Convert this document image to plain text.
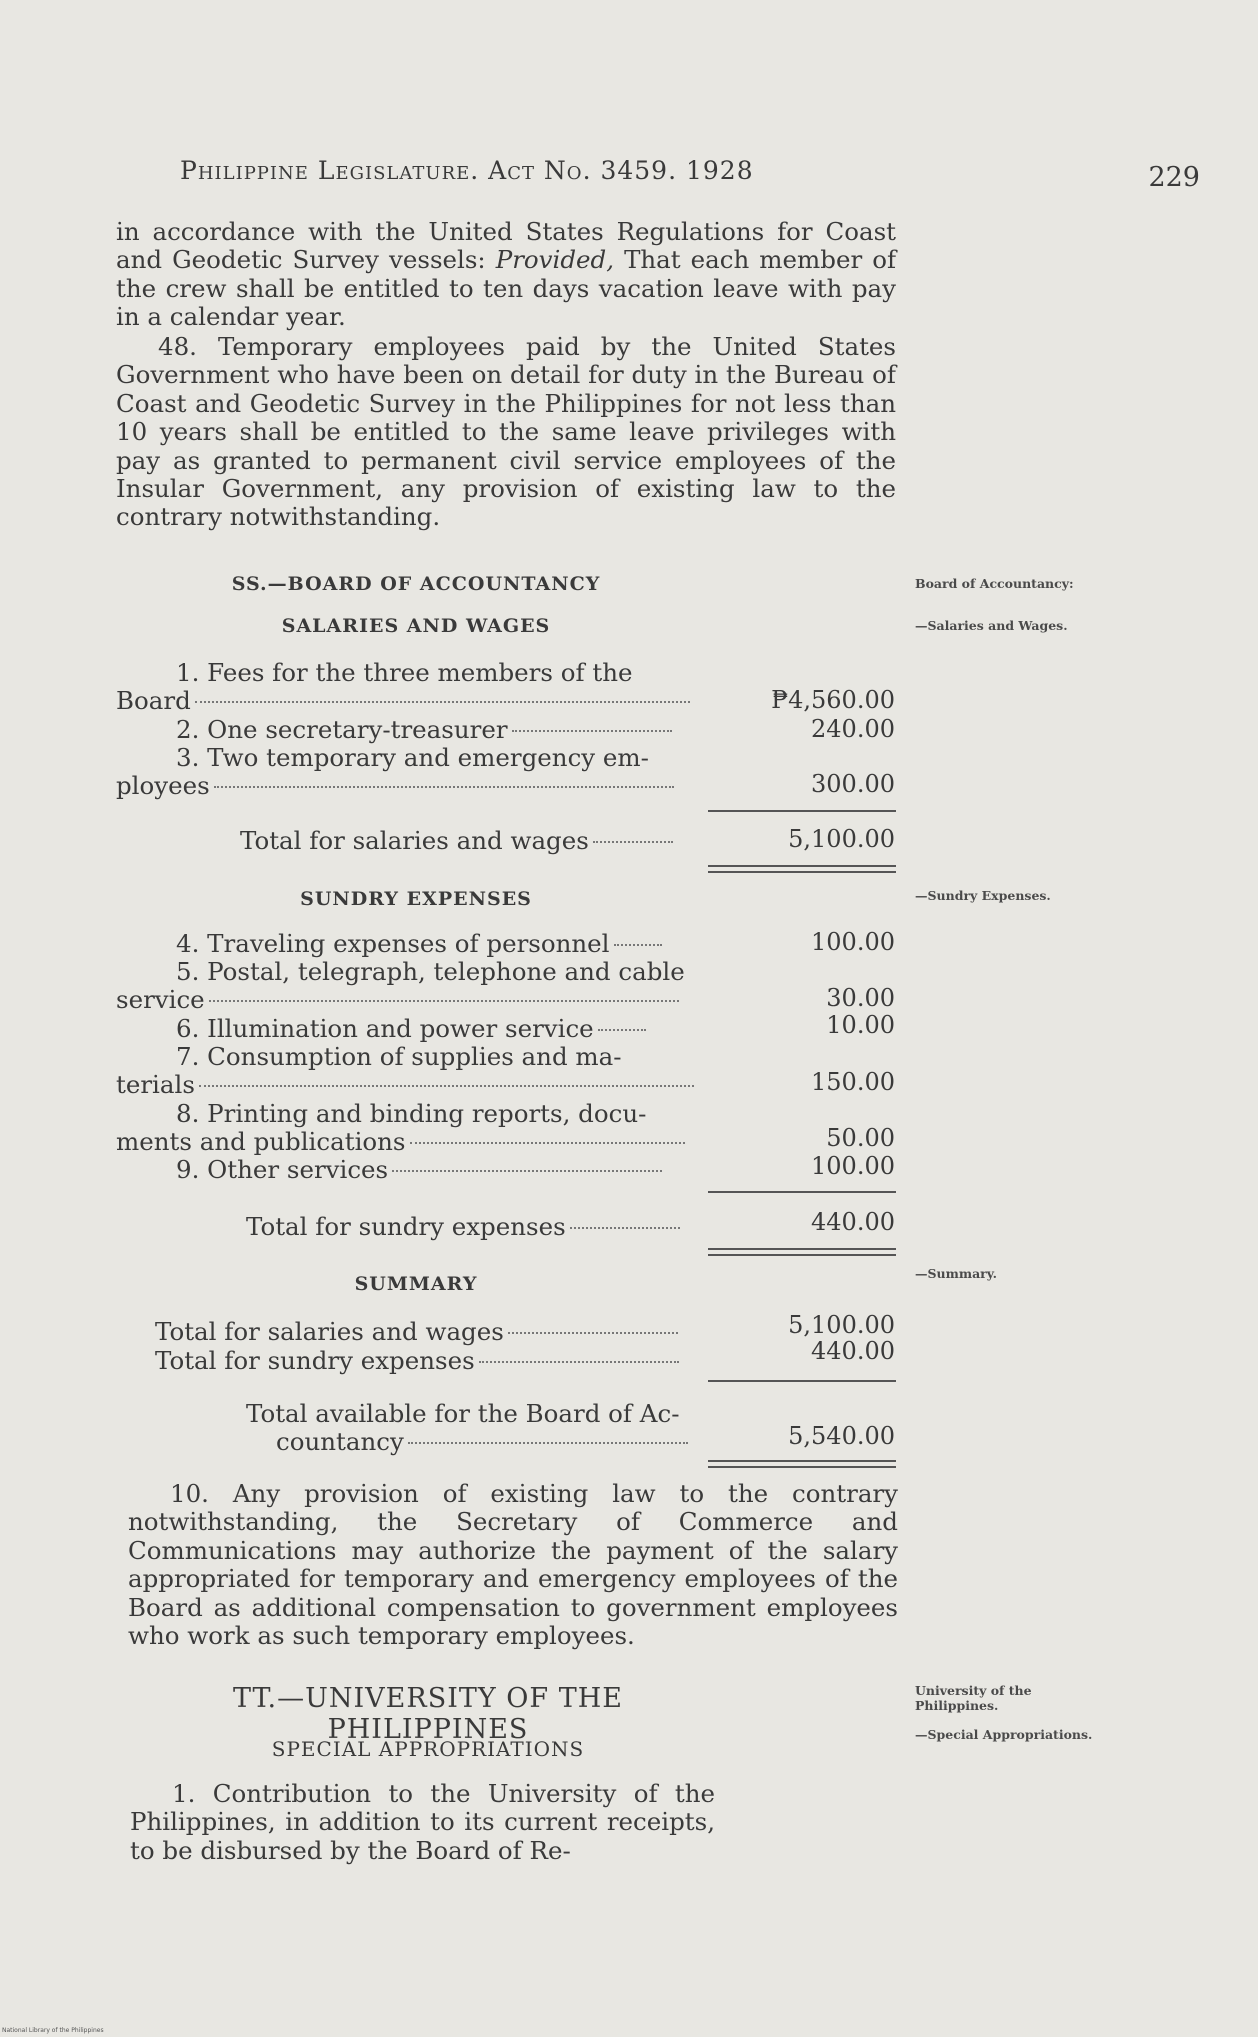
Philippine Legislature. Act No. 3459. 1928	229

in accordance with the United States Regulations for Coast and Geodetic Survey vessels: Provided, That each member of the crew shall be entitled to ten days vacation leave with pay in a calendar year.

48. Temporary employees paid by the United States Government who have been on detail for duty in the Bureau of Coast and Geodetic Survey in the Philippines for not less than 10 years shall be entitled to the same leave privileges with pay as granted to permanent civil service employees of the Insular Government, any provision of existing law to the contrary notwithstanding.

SS.—BOARD OF ACCOUNTANCY
SALARIES AND WAGES
Board of Accountancy:
—Salaries and Wages.
1. Fees for the three members of the
Board	₱4,560.00
2. One secretary-treasurer	240.00
3. Two temporary and emergency em-
ployees	300.00
Total for salaries and wages	5,100.00
SUNDRY EXPENSES	—Sundry Expenses.
4. Traveling expenses of personnel	100.00
5. Postal, telegraph, telephone and cable
service	30.00
6. Illumination and power service	10.00
7. Consumption of supplies and ma-
terials	150.00
8. Printing and binding reports, docu-
ments and publications	50.00
9. Other services	100.00
Total for sundry expenses	440.00
SUMMARY	—Summary.
Total for salaries and wages	5,100.00
Total for sundry expenses	440.00
Total available for the Board of Ac-
countancy	5,540.00

10. Any provision of existing law to the contrary notwithstanding, the Secretary of Commerce and Communications may authorize the payment of the salary appropriated for temporary and emergency employees of the Board as additional compensation to government employees who work as such temporary employees.

TT.—UNIVERSITY OF THE PHILIPPINES
SPECIAL APPROPRIATIONS
University of the Philippines.
—Special Appropriations.

1. Contribution to the University of the Philippines, in addition to its current receipts, to be disbursed by the Board of Re-

National Library of the Philippines
